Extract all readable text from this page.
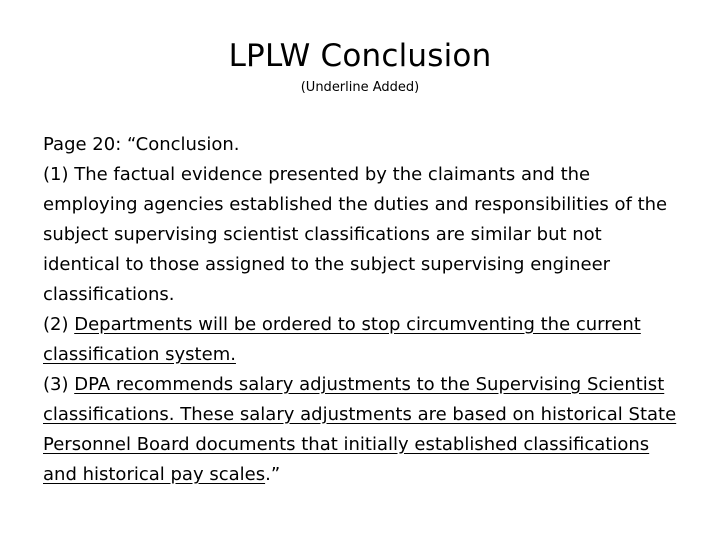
LPLW Conclusion
(Underline Added)

Page 20: “Conclusion.

(1) The factual evidence presented by the claimants and the employing agencies established the duties and responsibilities of the subject supervising scientist classifications are similar but not identical to those assigned to the subject supervising engineer classifications.

(2) Departments will be ordered to stop circumventing the current classification system.

(3) DPA recommends salary adjustments to the Supervising Scientist classifications. These salary adjustments are based on historical State Personnel Board documents that initially established classifications and historical pay scales.”
